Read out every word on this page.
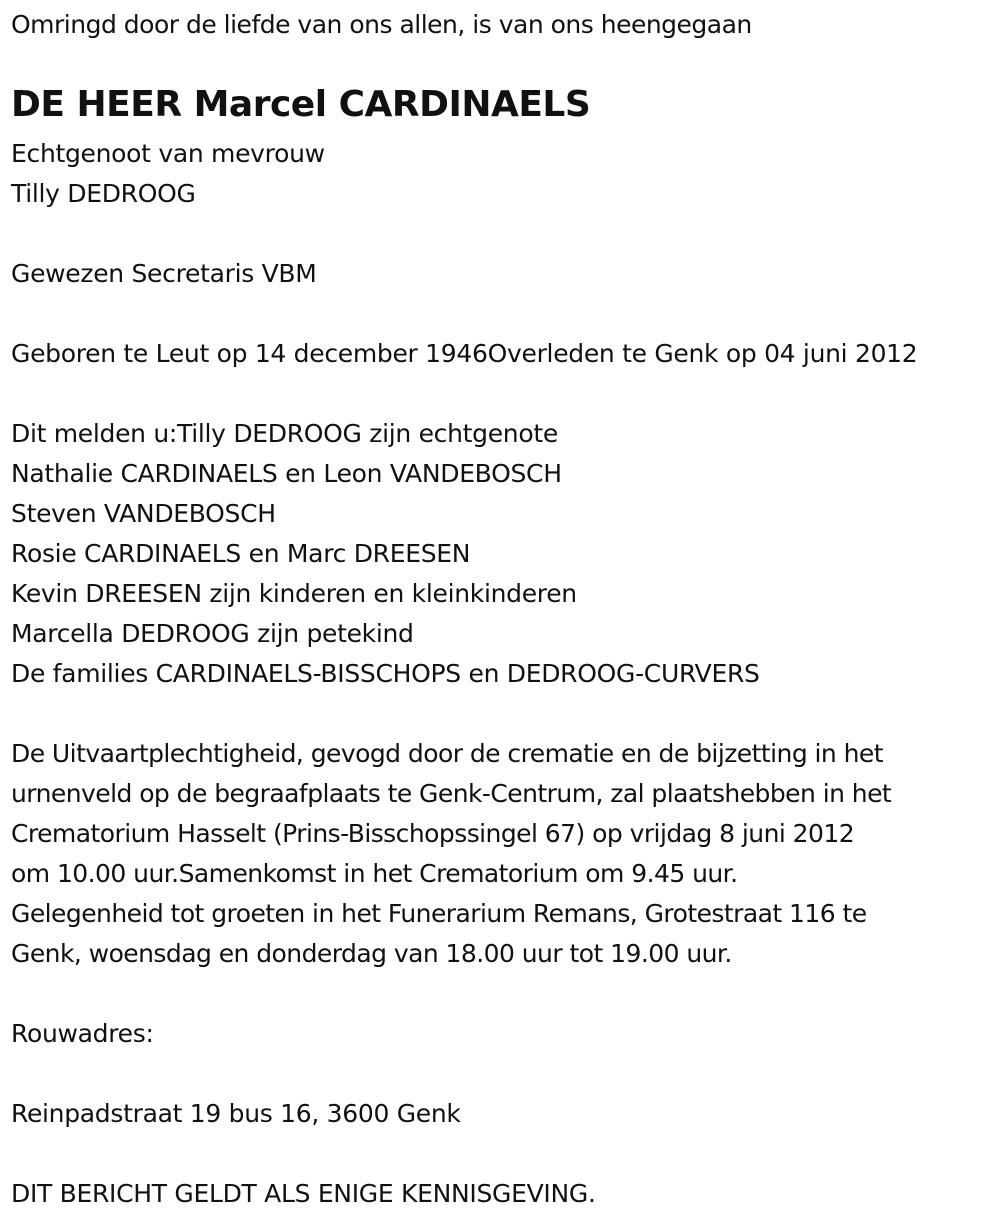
Omringd door de liefde van ons allen, is van ons heengegaan
DE HEER Marcel CARDINAELS
Echtgenoot van mevrouw
Tilly DEDROOG
Gewezen Secretaris VBM
Geboren te Leut op 14 december 1946Overleden te Genk op 04 juni 2012
Dit melden u:Tilly DEDROOG zijn echtgenote
Nathalie CARDINAELS en Leon VANDEBOSCH
Steven VANDEBOSCH
Rosie CARDINAELS en Marc DREESEN
Kevin DREESEN zijn kinderen en kleinkinderen
Marcella DEDROOG zijn petekind
De families CARDINAELS-BISSCHOPS en DEDROOG-CURVERS
De Uitvaartplechtigheid, gevogd door de crematie en de bijzetting in het
urnenveld op de begraafplaats te Genk-Centrum, zal plaatshebben in het
Crematorium Hasselt (Prins-Bisschopssingel 67) op vrijdag 8 juni 2012
om 10.00 uur.Samenkomst in het Crematorium om 9.45 uur.
Gelegenheid tot groeten in het Funerarium Remans, Grotestraat 116 te
Genk, woensdag en donderdag van 18.00 uur tot 19.00 uur.
Rouwadres:
Reinpadstraat 19 bus 16, 3600 Genk
DIT BERICHT GELDT ALS ENIGE KENNISGEVING.
